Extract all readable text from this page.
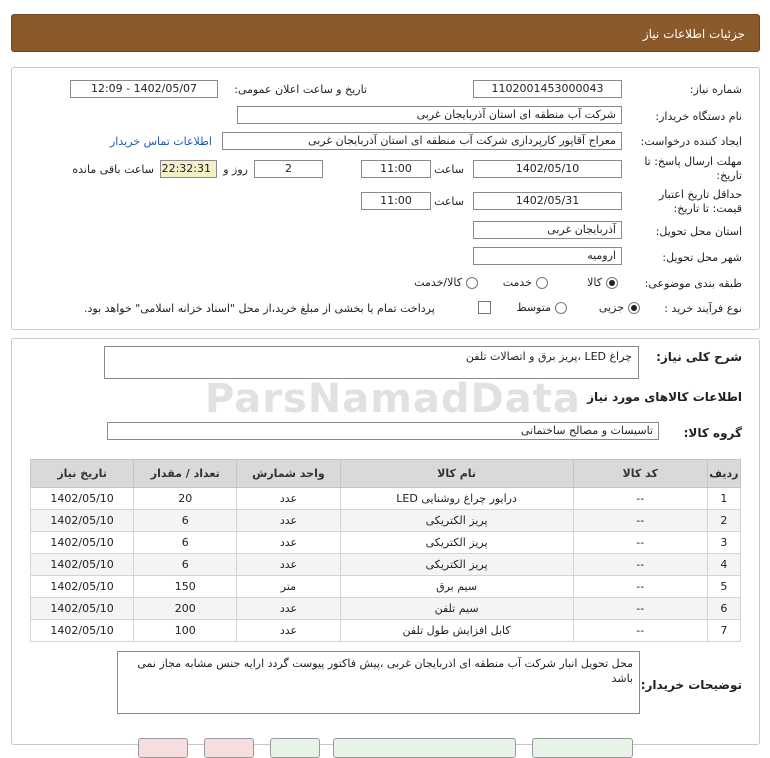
جزئیات اطلاعات نیاز
شماره نیاز:
1102001453000043
تاریخ و ساعت اعلان عمومی:
1402/05/07 - 12:09
نام دستگاه خریدار:
شرکت آب منطقه ای استان آذربایجان غربی
ایجاد کننده درخواست:
معراج آقاپور کارپردازی شرکت آب منطقه ای استان آذربایجان غربی
اطلاعات تماس خریدار
مهلت ارسال پاسخ: تا
تاریخ:
1402/05/10
ساعت
11:00
2
روز و
22:32:31
ساعت باقی مانده
حداقل تاریخ اعتبار
قیمت: تا تاریخ:
1402/05/31
ساعت
11:00
استان محل تحویل:
آذربایجان غربی
شهر محل تحویل:
ارومیه
طبقه بندی موضوعی:
کالا
خدمت
کالا/خدمت
نوع فرآیند خرید :
جزیی
متوسط
پرداخت تمام یا بخشی از مبلغ خرید،از محل "اسناد خزانه اسلامی" خواهد بود.
شرح کلی نیاز:
چراغ LED ،پریز برق و اتصالات تلفن
اطلاعات کالاهای مورد نیاز
گروه کالا:
تاسیسات و مصالح ساختمانی
ParsNamadData
ردیف	کد کالا	نام کالا	واحد شمارش	تعداد / مقدار	تاریخ نیاز
1	--	درایور چراغ روشنایی LED	عدد	20	1402/05/10
2	--	پریز الکتریکی	عدد	6	1402/05/10
3	--	پریز الکتریکی	عدد	6	1402/05/10
4	--	پریز الکتریکی	عدد	6	1402/05/10
5	--	سیم برق	متر	150	1402/05/10
6	--	سیم تلفن	عدد	200	1402/05/10
7	--	کابل افزایش طول تلفن	عدد	100	1402/05/10
توضیحات خریدار:
محل تحویل انبار شرکت آب منطقه ای اذربایجان غربی ،پیش فاکتور پیوست گردد ارایه جنس مشابه مجاز نمی باشد
